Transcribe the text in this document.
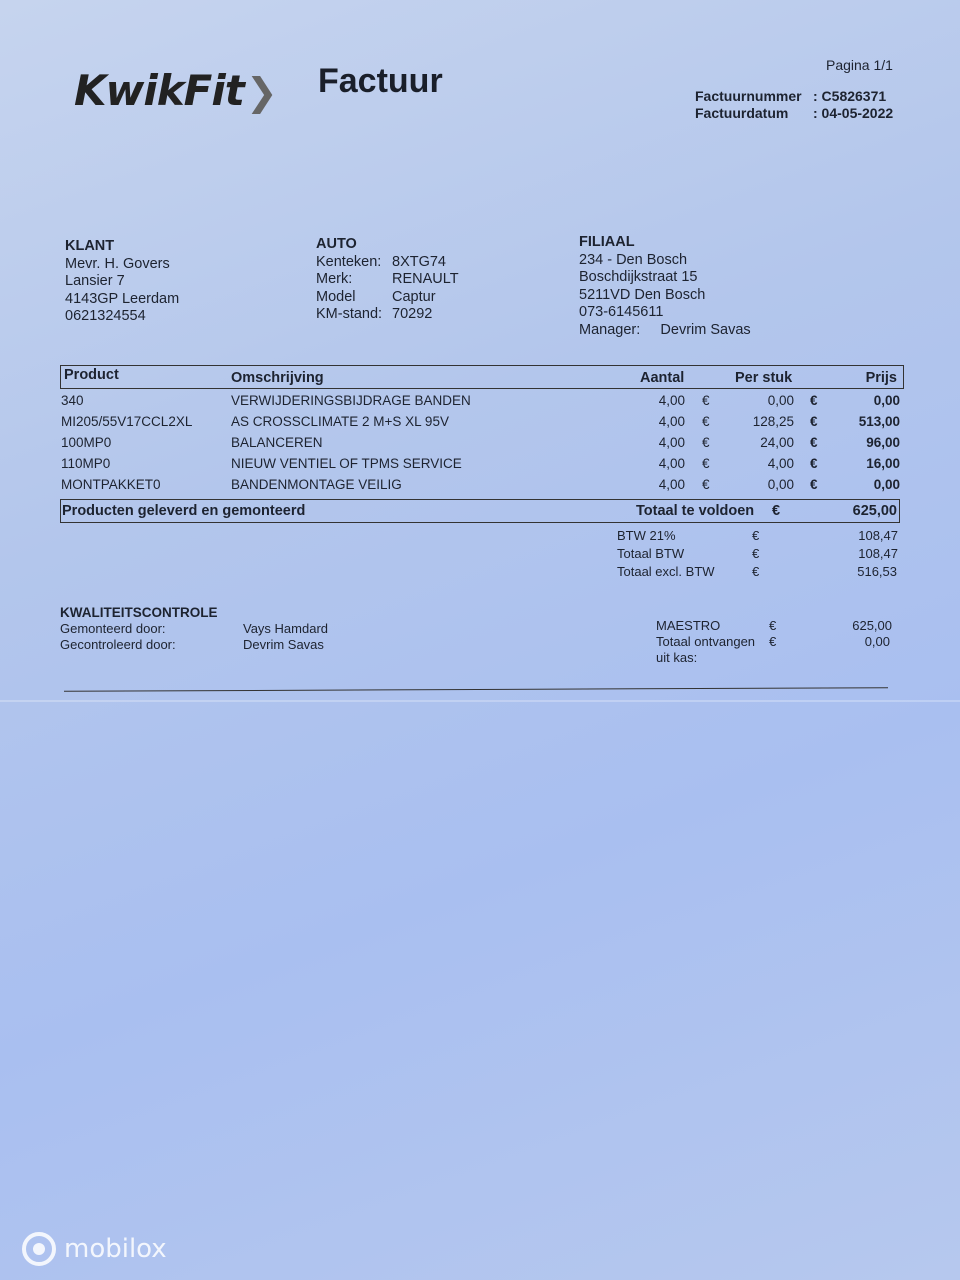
KwikFit❯ Factuur	Pagina 1/1
Factuurnummer : C5826371
Factuurdatum	: 04-05-2022
KLANT
Mevr. H. Govers
Lansier 7
4143GP Leerdam
0621324554
AUTO
Kenteken: 8XTG74
Merk:	RENAULT
Model	Captur
KM-stand: 70292
FILIAAL
234 - Den Bosch
Boschdijkstraat 15
5211VD Den Bosch
073-6145611
Manager: Devrim Savas
Product	Omschrijving	Aantal	Per stuk	Prijs
340	VERWIJDERINGSBIJDRAGE BANDEN	4,00 €	0,00 €	0,00
MI205/55V17CCL2XL	AS CROSSCLIMATE 2 M+S XL 95V	4,00 €	128,25 €	513,00
100MP0	BALANCEREN	4,00 €	24,00 €	96,00
110MP0	NIEUW VENTIEL OF TPMS SERVICE	4,00 €	4,00 €	16,00
MONTPAKKET0	BANDENMONTAGE VEILIG	4,00 €	0,00 €	0,00
Producten geleverd en gemonteerd	Totaal te voldoen €	625,00
BTW 21%	€	108,47
Totaal BTW	€	108,47
Totaal excl. BTW	€	516,53
KWALITEITSCONTROLE
Gemonteerd door:	Vays Hamdard
Gecontroleerd door:	Devrim Savas
MAESTRO	€	625,00
Totaal ontvangen €	0,00
uit kas:
mobilox
